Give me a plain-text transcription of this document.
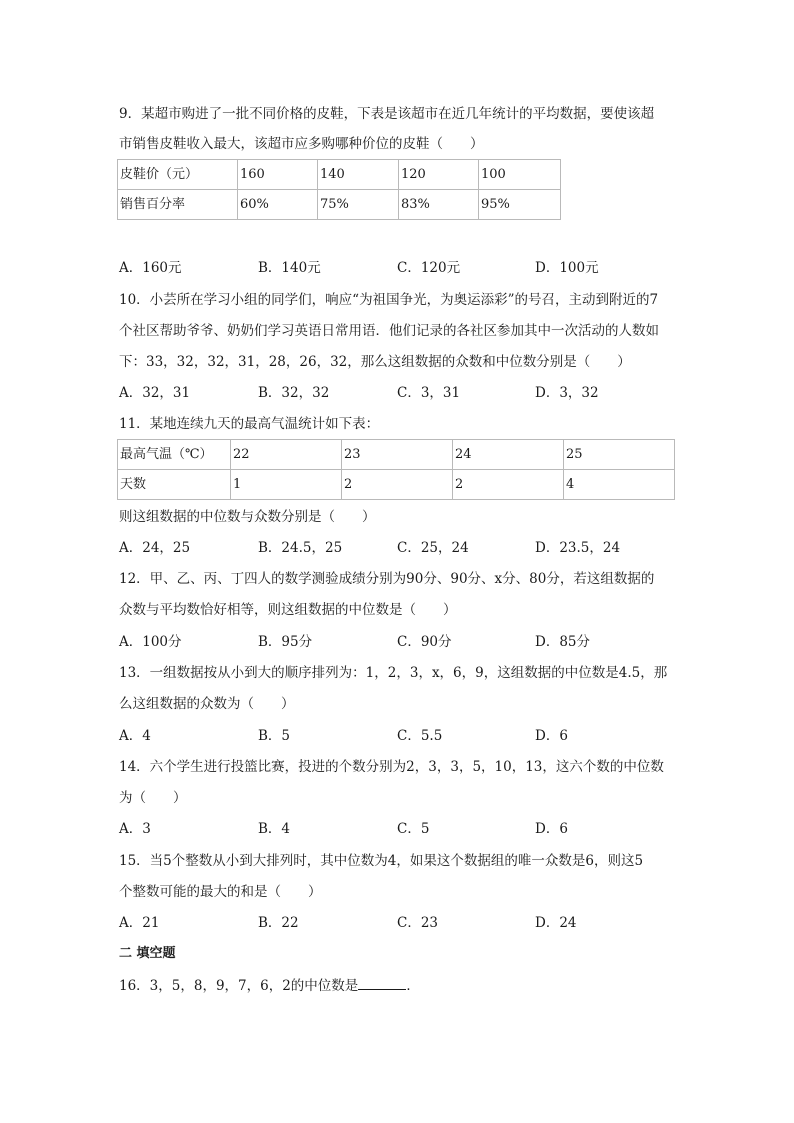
9．某超市购进了一批不同价格的皮鞋，下表是该超市在近几年统计的平均数据，要使该超
市销售皮鞋收入最大，该超市应多购哪种价位的皮鞋（　　）
皮鞋价（元）	160	140	120	100
销售百分率	60%	75%	83%	95%
A．160元	B．140元	C．120元	D．100元
10．小芸所在学习小组的同学们，响应“为祖国争光，为奥运添彩”的号召，主动到附近的7
个社区帮助爷爷、奶奶们学习英语日常用语．他们记录的各社区参加其中一次活动的人数如
下：33，32，32，31，28，26，32，那么这组数据的众数和中位数分别是（　　）
A．32，31	B．32，32	C．3，31	D．3，32
11．某地连续九天的最高气温统计如下表：
最高气温（℃）	22	23	24	25
天数	1	2	2	4
则这组数据的中位数与众数分别是（　　）
A．24，25	B．24.5，25	C．25，24	D．23.5，24
12．甲、乙、丙、丁四人的数学测验成绩分别为90分、90分、x分、80分，若这组数据的
众数与平均数恰好相等，则这组数据的中位数是（　　）
A．100分	B．95分	C．90分	D．85分
13．一组数据按从小到大的顺序排列为：1，2，3，x，6，9，这组数据的中位数是4.5，那
么这组数据的众数为（　　）
A．4	B．5	C．5.5	D．6
14．六个学生进行投篮比赛，投进的个数分别为2，3，3，5，10，13，这六个数的中位数
为（　　）
A．3	B．4	C．5	D．6
15．当5个整数从小到大排列时，其中位数为4，如果这个数据组的唯一众数是6，则这5
个整数可能的最大的和是（　　）
A．21	B．22	C．23	D．24
二 填空题
16．3，5，8，9，7，6，2的中位数是	．
